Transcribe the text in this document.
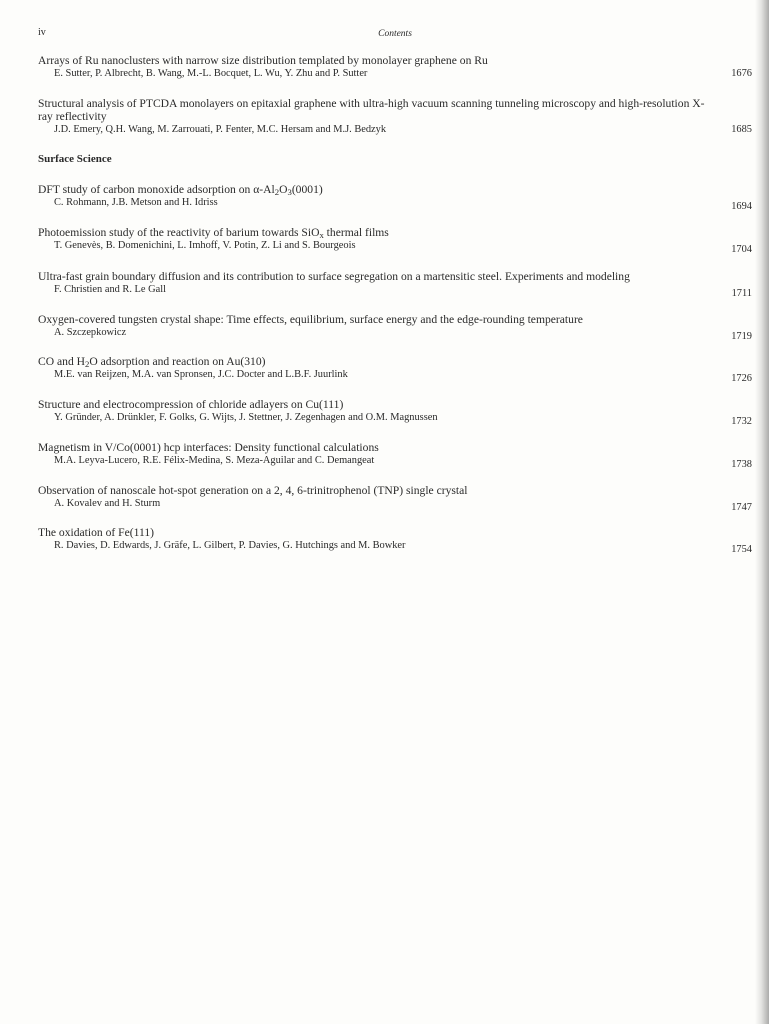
iv	Contents
Arrays of Ru nanoclusters with narrow size distribution templated by monolayer graphene on Ru
E. Sutter, P. Albrecht, B. Wang, M.-L. Bocquet, L. Wu, Y. Zhu and P. Sutter	1676
Structural analysis of PTCDA monolayers on epitaxial graphene with ultra-high vacuum scanning tunneling microscopy and high-resolution X-ray reflectivity
J.D. Emery, Q.H. Wang, M. Zarrouati, P. Fenter, M.C. Hersam and M.J. Bedzyk	1685
Surface Science
DFT study of carbon monoxide adsorption on $\alpha-Al_2O_3(0001)$
C. Rohmann, J.B. Metson and H. Idriss	1694
Photoemission study of the reactivity of barium towards SiO$_x$ thermal films
T. Genevès, B. Domenichini, L. Imhoff, V. Potin, Z. Li and S. Bourgeois	1704
Ultra-fast grain boundary diffusion and its contribution to surface segregation on a martensitic steel. Experiments and modeling
F. Christien and R. Le Gall	1711
Oxygen-covered tungsten crystal shape: Time effects, equilibrium, surface energy and the edge-rounding temperature
A. Szczepkowicz	1719
CO and $H_2O$ adsorption and reaction on Au(310)
M.E. van Reijzen, M.A. van Spronsen, J.C. Docter and L.B.F. Juurlink	1726
Structure and electrocompression of chloride adlayers on Cu(111)
Y. Gründer, A. Drünkler, F. Golks, G. Wijts, J. Stettner, J. Zegenhagen and O.M. Magnussen	1732
Magnetism in V/Co(0001) hcp interfaces: Density functional calculations
M.A. Leyva-Lucero, R.E. Félix-Medina, S. Meza-Aguilar and C. Demangeat	1738
Observation of nanoscale hot-spot generation on a 2, 4, 6-trinitrophenol (TNP) single crystal
A. Kovalev and H. Sturm	1747
The oxidation of Fe(111)
R. Davies, D. Edwards, J. Gräfe, L. Gilbert, P. Davies, G. Hutchings and M. Bowker	1754
